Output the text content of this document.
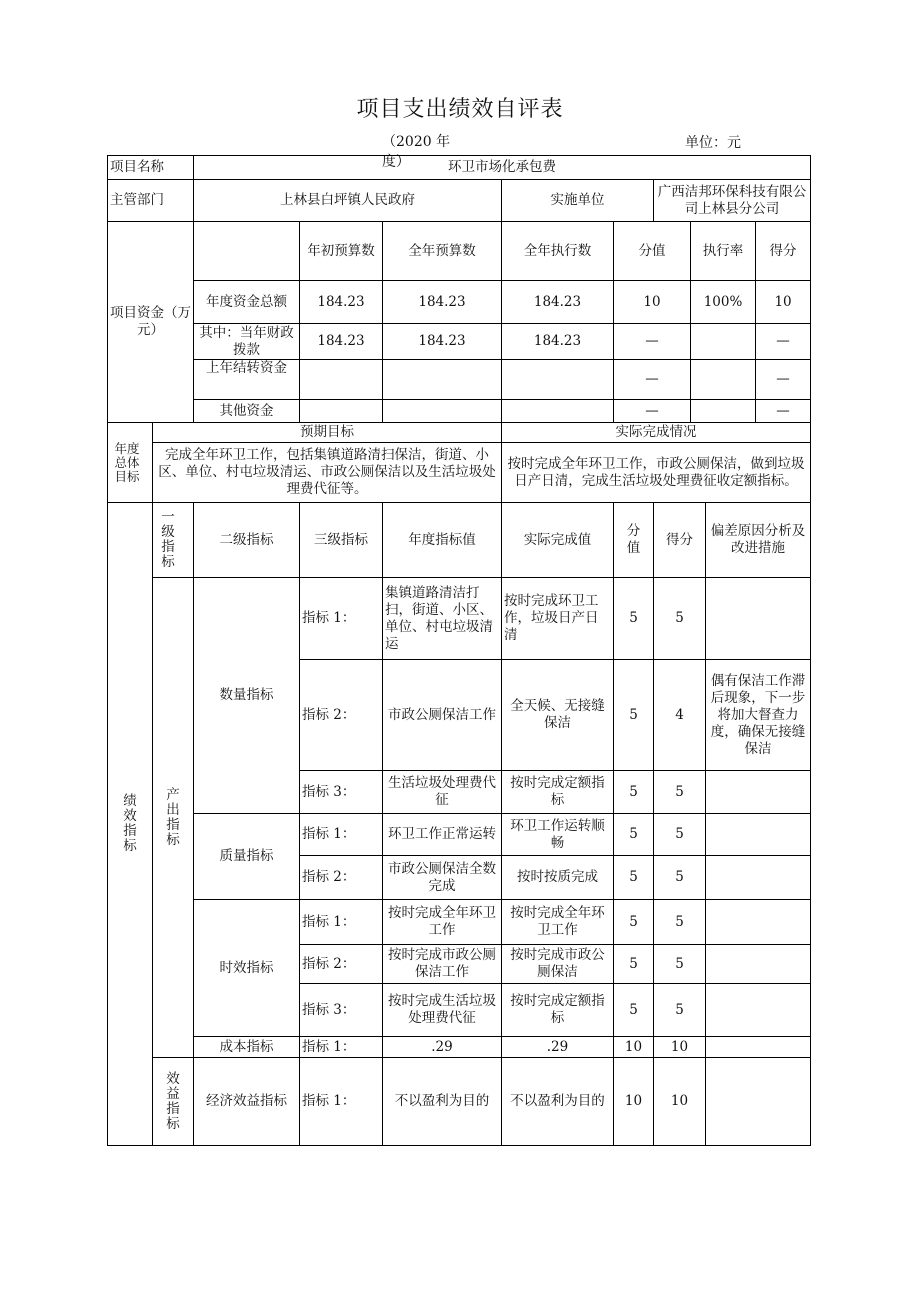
项目支出绩效自评表
（2020 年度）
单位：元
项目名称		环卫市场化承包费								
主管部门		上林县白坪镇人民政府			实施单位		广西洁邦环保科技有限公司上林县分公司			
项目资金（万元）			年初预算数	全年预算数	全年执行数	分值		执行率		得分
		年度资金总额	184.23	184.23	184.23	10		100%		10
		其中：当年财政拨款	184.23	184.23	184.23	—				—
		上年结转资金				—				—
		其他资金				—				—
年度总体目标	预期目标				实际完成情况					
	完成全年环卫工作，包括集镇道路清扫保洁，街道、小区、单位、村屯垃圾清运、市政公厕保洁以及生活垃圾处理费代征等。				按时完成全年环卫工作，市政公厕保洁，做到垃圾日产日清，完成生活垃圾处理费征收定额指标。					
绩效指标	一级指标	二级指标	三级指标	年度指标值	实际完成值	分值	得分		偏差原因分析及改进措施	
	产出指标	数量指标	指标 1：	集镇道路清洁打扫，街道、小区、单位、村屯垃圾清运	按时完成环卫工作，垃圾日产日清	5	5			
			指标 2：	市政公厕保洁工作	全天候、无接缝保洁	5	4		偶有保洁工作滞后现象，下一步将加大督查力度，确保无接缝保洁	
			指标 3：	生活垃圾处理费代征	按时完成定额指标	5	5			
		质量指标	指标 1：	环卫工作正常运转	环卫工作运转顺畅	5	5			
			指标 2：	市政公厕保洁全数完成	按时按质完成	5	5			
		时效指标	指标 1：	按时完成全年环卫工作	按时完成全年环卫工作	5	5			
			指标 2：	按时完成市政公厕保洁工作	按时完成市政公厕保洁	5	5			
			指标 3：	按时完成生活垃圾处理费代征	按时完成定额指标	5	5			
		成本指标	指标 1：	.29	.29	10	10			
	效益指标	经济效益指标	指标 1：	不以盈利为目的	不以盈利为目的	10	10			
